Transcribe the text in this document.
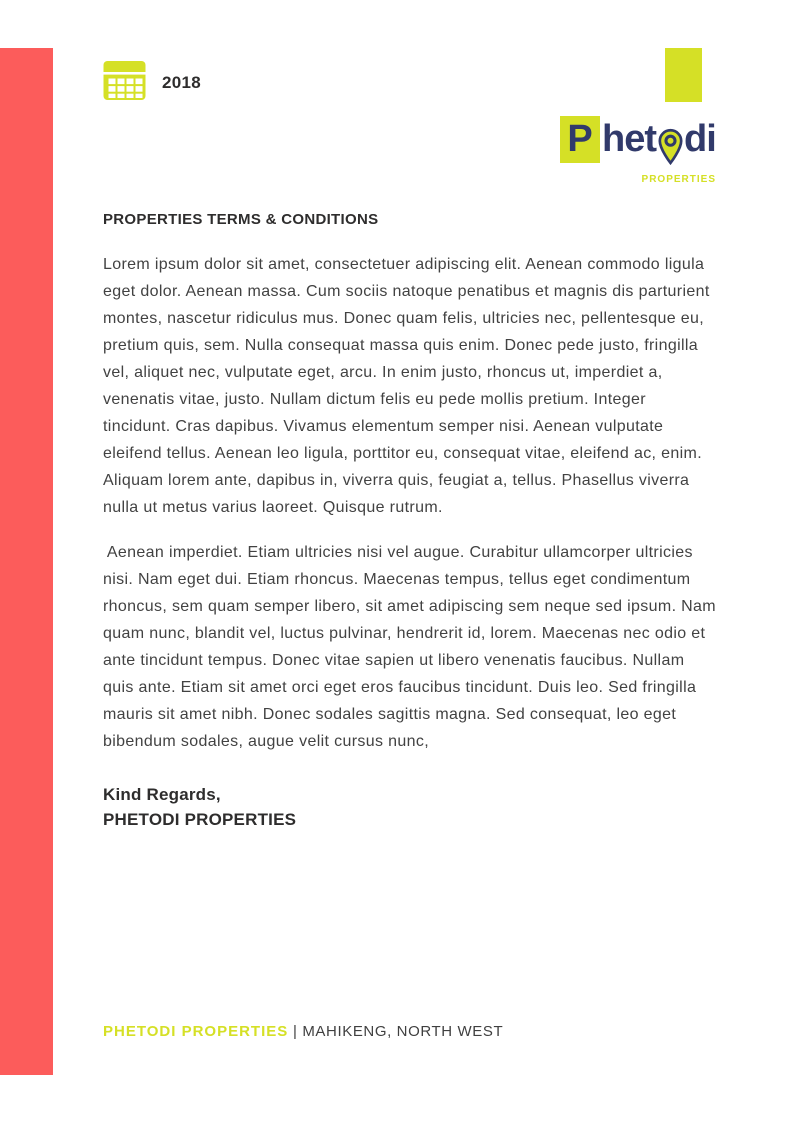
2018
P het di
PROPERTIES
PROPERTIES TERMS & CONDITIONS
Lorem ipsum dolor sit amet, consectetuer adipiscing elit. Aenean commodo ligula
eget dolor. Aenean massa. Cum sociis natoque penatibus et magnis dis parturient
montes, nascetur ridiculus mus. Donec quam felis, ultricies nec, pellentesque eu,
pretium quis, sem. Nulla consequat massa quis enim. Donec pede justo, fringilla
vel, aliquet nec, vulputate eget, arcu. In enim justo, rhoncus ut, imperdiet a,
venenatis vitae, justo. Nullam dictum felis eu pede mollis pretium. Integer
tincidunt. Cras dapibus. Vivamus elementum semper nisi. Aenean vulputate
eleifend tellus. Aenean leo ligula, porttitor eu, consequat vitae, eleifend ac, enim.
Aliquam lorem ante, dapibus in, viverra quis, feugiat a, tellus. Phasellus viverra
nulla ut metus varius laoreet. Quisque rutrum.
Aenean imperdiet. Etiam ultricies nisi vel augue. Curabitur ullamcorper ultricies
nisi. Nam eget dui. Etiam rhoncus. Maecenas tempus, tellus eget condimentum
rhoncus, sem quam semper libero, sit amet adipiscing sem neque sed ipsum. Nam
quam nunc, blandit vel, luctus pulvinar, hendrerit id, lorem. Maecenas nec odio et
ante tincidunt tempus. Donec vitae sapien ut libero venenatis faucibus. Nullam
quis ante. Etiam sit amet orci eget eros faucibus tincidunt. Duis leo. Sed fringilla
mauris sit amet nibh. Donec sodales sagittis magna. Sed consequat, leo eget
bibendum sodales, augue velit cursus nunc,
Kind Regards,
PHETODI PROPERTIES
PHETODI PROPERTIES | MAHIKENG, NORTH WEST
